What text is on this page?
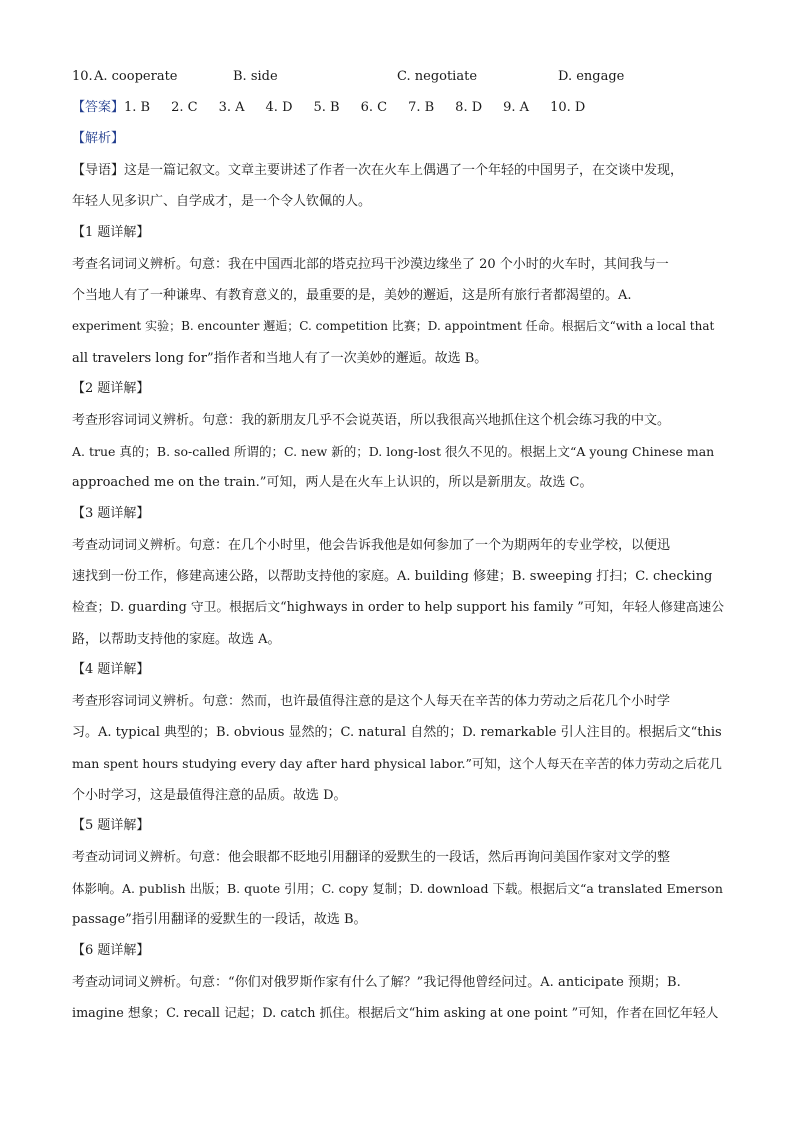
10. A. cooperate	B. side	C. negotiate	D. engage
【答案】1. B 2. C 3. A 4. D 5. B 6. C 7. B 8. D 9. A 10. D
【解析】
【导语】这是一篇记叙文。文章主要讲述了作者一次在火车上偶遇了一个年轻的中国男子，在交谈中发现，
年轻人见多识广、自学成才，是一个令人钦佩的人。
【1 题详解】
考查名词词义辨析。句意：我在中国西北部的塔克拉玛干沙漠边缘坐了 20 个小时的火车时，其间我与一
个当地人有了一种谦卑、有教育意义的，最重要的是，美妙的邂逅，这是所有旅行者都渴望的。A.
experiment 实验；B. encounter 邂逅；C. competition 比赛；D. appointment 任命。根据后文“with a local that
all travelers long for”指作者和当地人有了一次美妙的邂逅。故选 B。
【2 题详解】
考查形容词词义辨析。句意：我的新朋友几乎不会说英语，所以我很高兴地抓住这个机会练习我的中文。
A. true 真的；B. so-called 所谓的；C. new 新的；D. long-lost 很久不见的。根据上文“A young Chinese man
approached me on the train.”可知，两人是在火车上认识的，所以是新朋友。故选 C。
【3 题详解】
考查动词词义辨析。句意：在几个小时里，他会告诉我他是如何参加了一个为期两年的专业学校，以便迅
速找到一份工作，修建高速公路，以帮助支持他的家庭。A. building 修建；B. sweeping 打扫；C. checking
检查；D. guarding 守卫。根据后文“highways in order to help support his family ”可知，年轻人修建高速公
路，以帮助支持他的家庭。故选 A。
【4 题详解】
考查形容词词义辨析。句意：然而，也许最值得注意的是这个人每天在辛苦的体力劳动之后花几个小时学
习。A. typical 典型的；B. obvious 显然的；C. natural 自然的；D. remarkable 引人注目的。根据后文“this
man spent hours studying every day after hard physical labor.”可知，这个人每天在辛苦的体力劳动之后花几
个小时学习，这是最值得注意的品质。故选 D。
【5 题详解】
考查动词词义辨析。句意：他会眼都不眨地引用翻译的爱默生的一段话，然后再询问美国作家对文学的整
体影响。A. publish 出版；B. quote 引用；C. copy 复制；D. download 下载。根据后文“a translated Emerson
passage”指引用翻译的爱默生的一段话，故选 B。
【6 题详解】
考查动词词义辨析。句意：“你们对俄罗斯作家有什么了解？”我记得他曾经问过。A. anticipate 预期；B.
imagine 想象；C. recall 记起；D. catch 抓住。根据后文“him asking at one point ”可知，作者在回忆年轻人
